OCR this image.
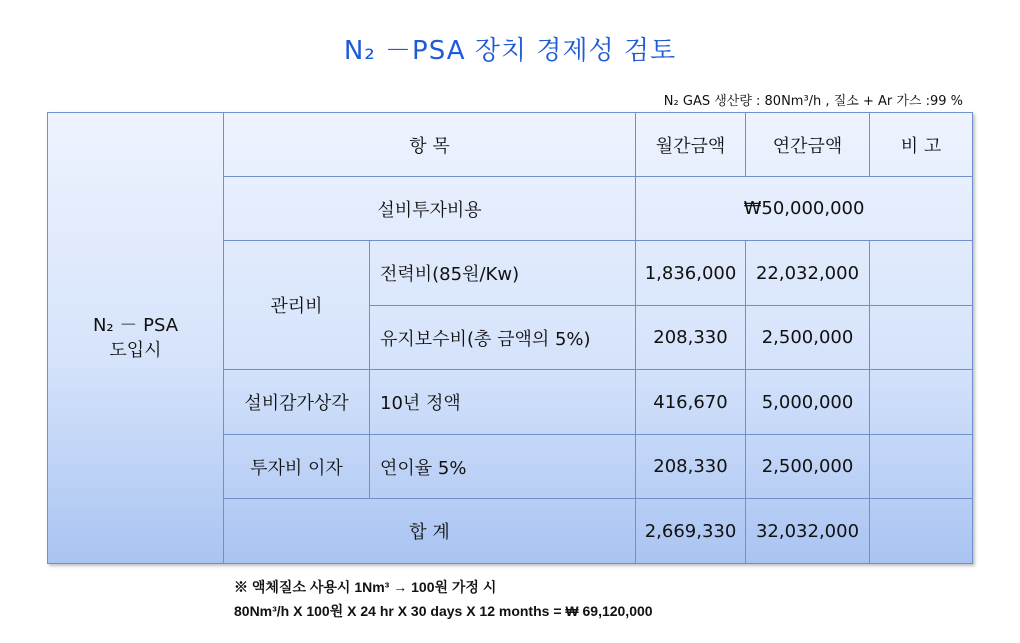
N₂ －PSA 장치 경제성 검토
N₂ GAS 생산량 : 80Nm³/h , 질소 + Ar 가스 :99 %
N₂ － PSA
도입시	항 목		월간금액	연간금액	비 고
	설비투자비용		₩50,000,000		
	관리비	전력비(85원/Kw)	1,836,000	22,032,000	
		유지보수비(총 금액의 5%)	208,330	2,500,000	
	설비감가상각	10년 정액	416,670	5,000,000	
	투자비 이자	연이율 5%	208,330	2,500,000	
	합 계		2,669,330	32,032,000	
※ 액체질소 사용시 1Nm³ → 100원 가정 시
80Nm³/h X 100원 X 24 hr X 30 days X 12 months = ₩ 69,120,000
